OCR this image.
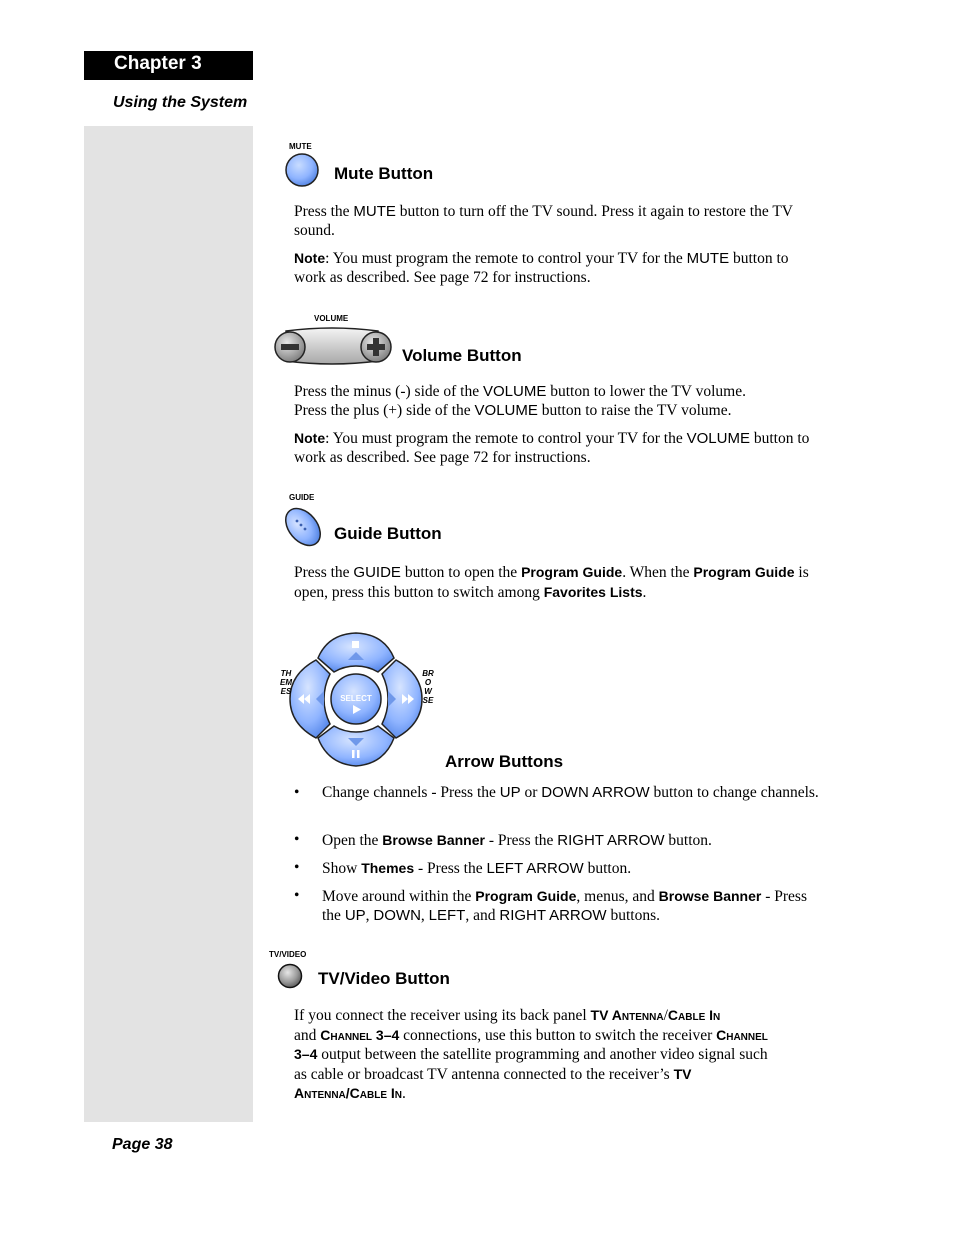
Chapter 3
Using the System
MUTE
Mute Button
Press the MUTE button to turn off the TV sound. Press it again to restore the TV sound.
Note: You must program the remote to control your TV for the MUTE button to work as described. See page 72 for instructions.
VOLUME
Volume Button
Press the minus (-) side of the VOLUME button to lower the TV volume.
Press the plus (+) side of the VOLUME button to raise the TV volume.
Note: You must program the remote to control your TV for the VOLUME button to work as described. See page 72 for instructions.
GUIDE
Guide Button
Press the GUIDE button to open the Program Guide. When the Program Guide is open, press this button to switch among Favorites Lists.
SELECT
THEMES
BROWSE
Arrow Buttons
• Change channels - Press the UP or DOWN ARROW button to change channels.
• Open the Browse Banner - Press the RIGHT ARROW button.
• Show Themes - Press the LEFT ARROW button.
• Move around within the Program Guide, menus, and Browse Banner - Press the UP, DOWN, LEFT, and RIGHT ARROW buttons.
TV/VIDEO
TV/Video Button
If you connect the receiver using its back panel TV Antenna/Cable In
and Channel 3–4 connections, use this button to switch the receiver Channel 3–4 output between the satellite programming and another video signal such as cable or broadcast TV antenna connected to the receiver’s TV Antenna/Cable In.
Page 38
